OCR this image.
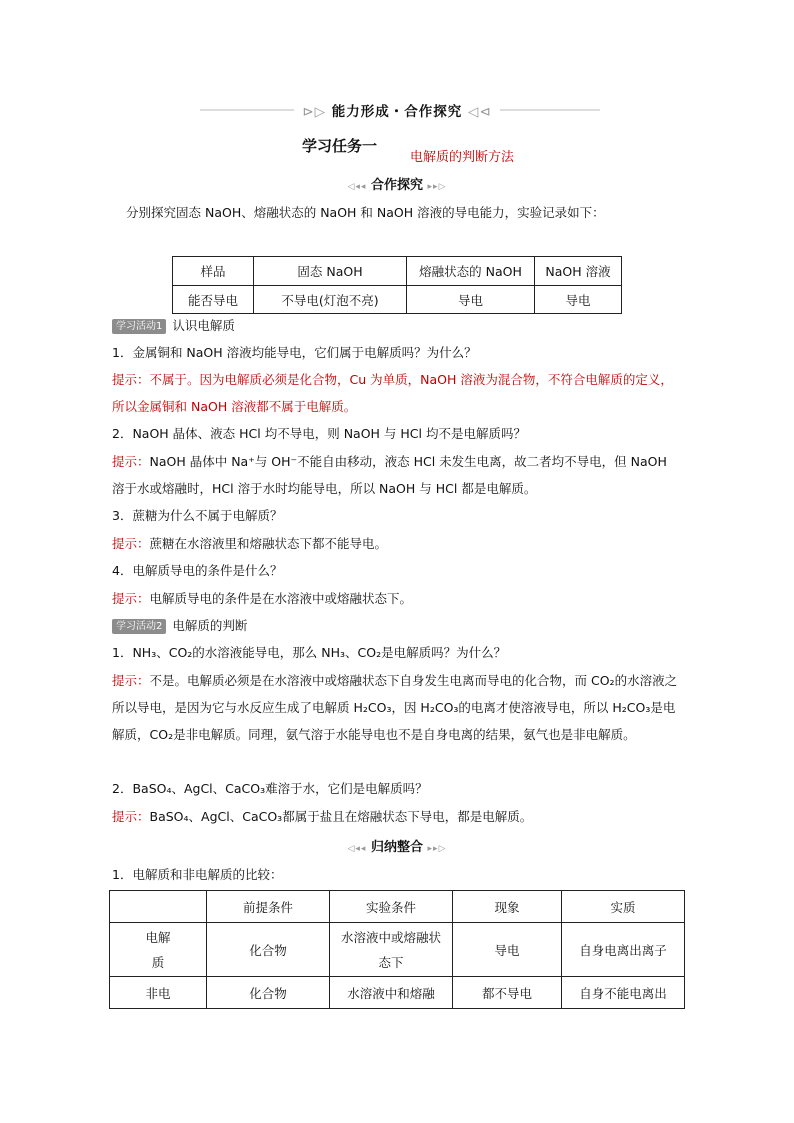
⊳▷ 能力形成・合作探究 ◁⊲
学习任务一
电解质的判断方法
◁◂◂ 合作探究 ▸▸▷
分别探究固态 NaOH、熔融状态的 NaOH 和 NaOH 溶液的导电能力，实验记录如下：
样品	固态 NaOH	熔融状态的 NaOH	NaOH 溶液
能否导电	不导电(灯泡不亮)	导电	导电
学习活动1 认识电解质
1．金属铜和 NaOH 溶液均能导电，它们属于电解质吗？为什么？
提示：不属于。因为电解质必须是化合物，Cu 为单质，NaOH 溶液为混合物，不符合电解质的定义，所以金属铜和 NaOH 溶液都不属于电解质。
2．NaOH 晶体、液态 HCl 均不导电，则 NaOH 与 HCl 均不是电解质吗？
提示：NaOH 晶体中 Na⁺与 OH⁻不能自由移动，液态 HCl 未发生电离，故二者均不导电，但 NaOH 溶于水或熔融时，HCl 溶于水时均能导电，所以 NaOH 与 HCl 都是电解质。
3．蔗糖为什么不属于电解质？
提示：蔗糖在水溶液里和熔融状态下都不能导电。
4．电解质导电的条件是什么？
提示：电解质导电的条件是在水溶液中或熔融状态下。
学习活动2 电解质的判断
1．NH₃、CO₂的水溶液能导电，那么 NH₃、CO₂是电解质吗？为什么？
提示：不是。电解质必须是在水溶液中或熔融状态下自身发生电离而导电的化合物，而 CO₂的水溶液之所以导电，是因为它与水反应生成了电解质 H₂CO₃，因 H₂CO₃的电离才使溶液导电，所以 H₂CO₃是电解质，CO₂是非电解质。同理，氨气溶于水能导电也不是自身电离的结果，氨气也是非电解质。
2．BaSO₄、AgCl、CaCO₃难溶于水，它们是电解质吗？
提示：BaSO₄、AgCl、CaCO₃都属于盐且在熔融状态下导电，都是电解质。
◁◂◂ 归纳整合 ▸▸▷
1．电解质和非电解质的比较：
	前提条件	实验条件	现象	实质
电解质	化合物	水溶液中或熔融状态下	导电	自身电离出离子
非电	化合物	水溶液中和熔融	都不导电	自身不能电离出
